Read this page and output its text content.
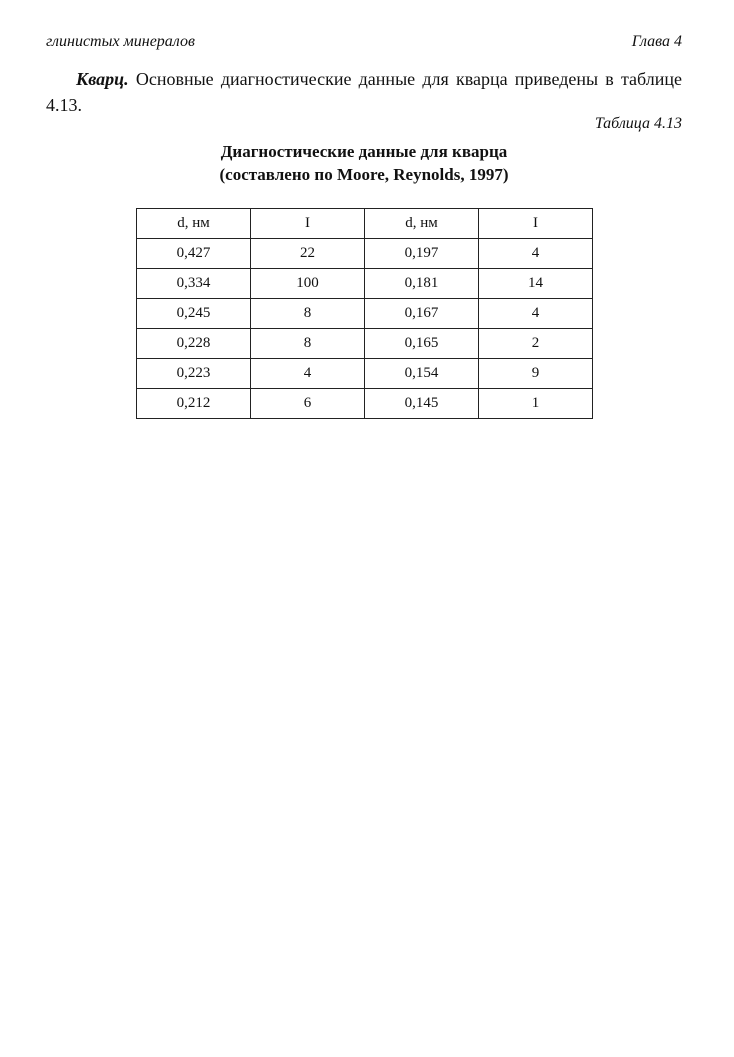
глинистых минералов	Глава 4

Кварц. Основные диагностические данные для кварца приведены в таблице 4.13.

Таблица 4.13
Диагностические данные для кварца
(составлено по Moore, Reynolds, 1997)
d, нм	I	d, нм	I
0,427	22	0,197	4
0,334	100	0,181	14
0,245	8	0,167	4
0,228	8	0,165	2
0,223	4	0,154	9
0,212	6	0,145	1
